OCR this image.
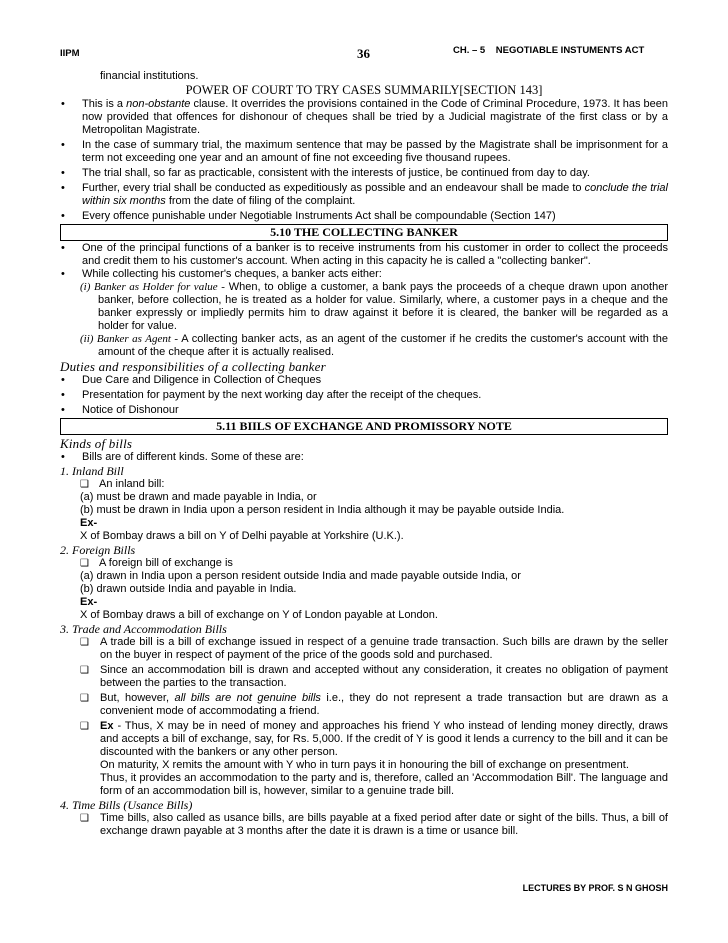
IIPM	36	CH. – 5    NEGOTIABLE INSTUMENTS ACT

financial institutions.

POWER OF COURT TO TRY CASES SUMMARILY[SECTION 143]

• This is a non-obstante clause. It overrides the provisions contained in the Code of Criminal Procedure, 1973. It has been now provided that offences for dishonour of cheques shall be tried by a Judicial magistrate of the first class or by a Metropolitan Magistrate.

• In the case of summary trial, the maximum sentence that may be passed by the Magistrate shall be imprisonment for a term not exceeding one year and an amount of fine not exceeding five thousand rupees.

• The trial shall, so far as practicable, consistent with the interests of justice, be continued from day to day.

• Further, every trial shall be conducted as expeditiously as possible and an endeavour shall be made to conclude the trial within six months from the date of filing of the complaint.

• Every offence punishable under Negotiable Instruments Act shall be compoundable (Section 147)

5.10 THE COLLECTING BANKER

• One of the principal functions of a banker is to receive instruments from his customer in order to collect the proceeds and credit them to his customer's account. When acting in this capacity he is called a "collecting banker".

• While collecting his customer's cheques, a banker acts either:

(i) Banker as Holder for value - When, to oblige a customer, a bank pays the proceeds of a cheque drawn upon another banker, before collection, he is treated as a holder for value. Similarly, where, a customer pays in a cheque and the banker expressly or impliedly permits him to draw against it before it is cleared, the banker will be regarded as a holder for value.

(ii) Banker as Agent - A collecting banker acts, as an agent of the customer if he credits the customer's account with the amount of the cheque after it is actually realised.

Duties and responsibilities of a collecting banker

• Due Care and Diligence in Collection of Cheques

• Presentation for payment by the next working day after the receipt of the cheques.

• Notice of Dishonour

5.11 BIILS OF EXCHANGE AND PROMISSORY NOTE

Kinds of bills

• Bills are of different kinds. Some of these are:

1. Inland Bill

❑ An inland bill:

(a) must be drawn and made payable in India, or

(b) must be drawn in India upon a person resident in India although it may be payable outside India.

Ex-

X of Bombay draws a bill on Y of Delhi payable at Yorkshire (U.K.).

2. Foreign Bills

❑ A foreign bill of exchange is

(a) drawn in India upon a person resident outside India and made payable outside India, or

(b) drawn outside India and payable in India.

Ex-

X of Bombay draws a bill of exchange on Y of London payable at London.

3. Trade and Accommodation Bills

❑ A trade bill is a bill of exchange issued in respect of a genuine trade transaction. Such bills are drawn by the seller on the buyer in respect of payment of the price of the goods sold and purchased.

❑ Since an accommodation bill is drawn and accepted without any consideration, it creates no obligation of payment between the parties to the transaction.

❑ But, however, all bills are not genuine bills i.e., they do not represent a trade transaction but are drawn as a convenient mode of accommodating a friend.

❑ Ex - Thus, X may be in need of money and approaches his friend Y who instead of lending money directly, draws and accepts a bill of exchange, say, for Rs. 5,000. If the credit of Y is good it lends a currency to the bill and it can be discounted with the bankers or any other person.

On maturity, X remits the amount with Y who in turn pays it in honouring the bill of exchange on presentment.

Thus, it provides an accommodation to the party and is, therefore, called an 'Accommodation Bill'. The language and form of an accommodation bill is, however, similar to a genuine trade bill.

4. Time Bills (Usance Bills)

❑ Time bills, also called as usance bills, are bills payable at a fixed period after date or sight of the bills. Thus, a bill of exchange drawn payable at 3 months after the date it is drawn is a time or usance bill.

LECTURES BY PROF. S N GHOSH
